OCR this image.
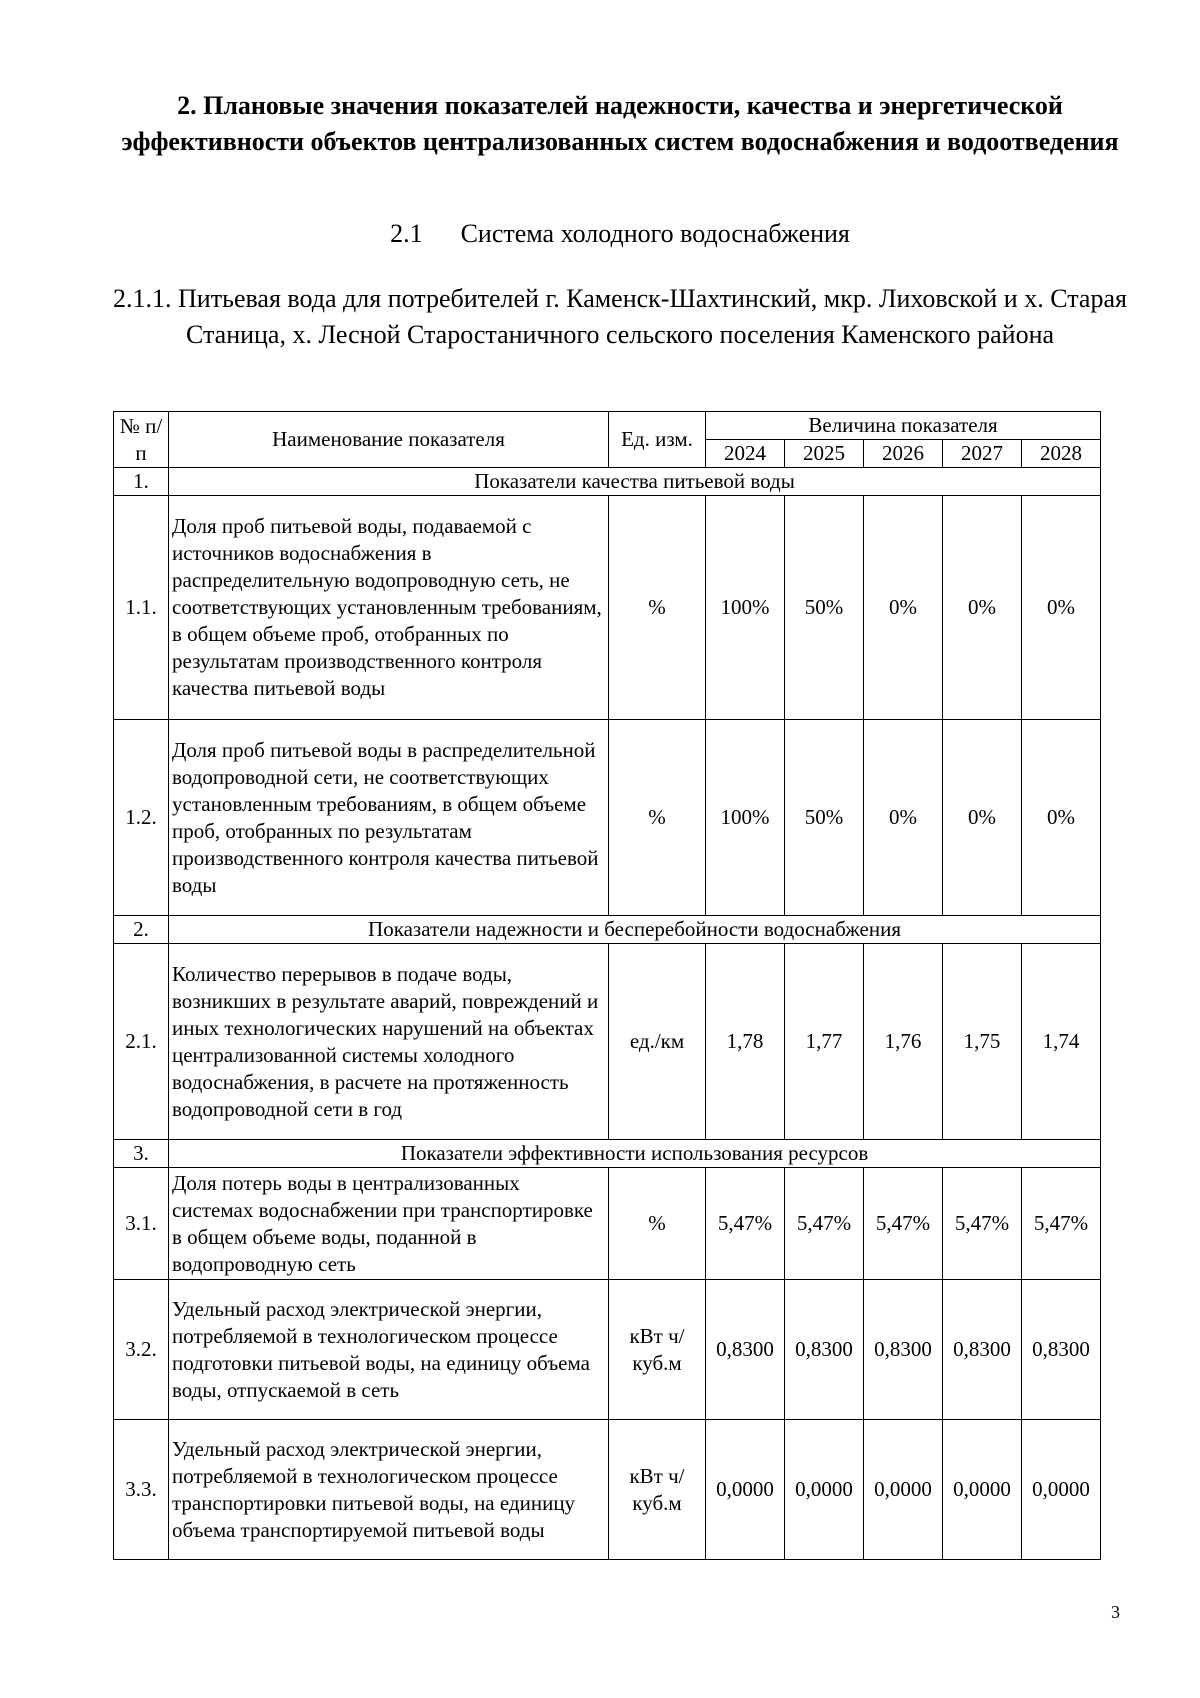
2. Плановые значения показателей надежности, качества и энергетической эффективности объектов централизованных систем водоснабжения и водоотведения
2.1 Система холодного водоснабжения
2.1.1. Питьевая вода для потребителей г. Каменск-Шахтинский, мкр. Лиховской и х. Старая Станица, х. Лесной Старостаничного сельского поселения Каменского района
№ п/п	Наименование показателя	Ед. изм.	Величина показателя				
			2024	2025	2026	2027	2028
1.	Показатели качества питьевой воды						
1.1.	Доля проб питьевой воды, подаваемой с источников водоснабжения в распределительную водопроводную сеть, не соответствующих установленным требованиям, в общем объеме проб, отобранных по результатам производственного контроля качества питьевой воды	%	100%	50%	0%	0%	0%
1.2.	Доля проб питьевой воды в распределительной водопроводной сети, не соответствующих установленным требованиям, в общем объеме проб, отобранных по результатам производственного контроля качества питьевой воды	%	100%	50%	0%	0%	0%
2.	Показатели надежности и бесперебойности водоснабжения						
2.1.	Количество перерывов в подаче воды, возникших в результате аварий, повреждений и иных технологических нарушений на объектах централизованной системы холодного водоснабжения, в расчете на протяженность водопроводной сети в год	ед./км	1,78	1,77	1,76	1,75	1,74
3.	Показатели эффективности использования ресурсов						
3.1.	Доля потерь воды в централизованных системах водоснабжении при транспортировке в общем объеме воды, поданной в водопроводную сеть	%	5,47%	5,47%	5,47%	5,47%	5,47%
3.2.	Удельный расход электрической энергии, потребляемой в технологическом процессе подготовки питьевой воды, на единицу объема воды, отпускаемой в сеть	кВт ч/куб.м	0,8300	0,8300	0,8300	0,8300	0,8300
3.3.	Удельный расход электрической энергии, потребляемой в технологическом процессе транспортировки питьевой воды, на единицу объема транспортируемой питьевой воды	кВт ч/куб.м	0,0000	0,0000	0,0000	0,0000	0,0000
3
